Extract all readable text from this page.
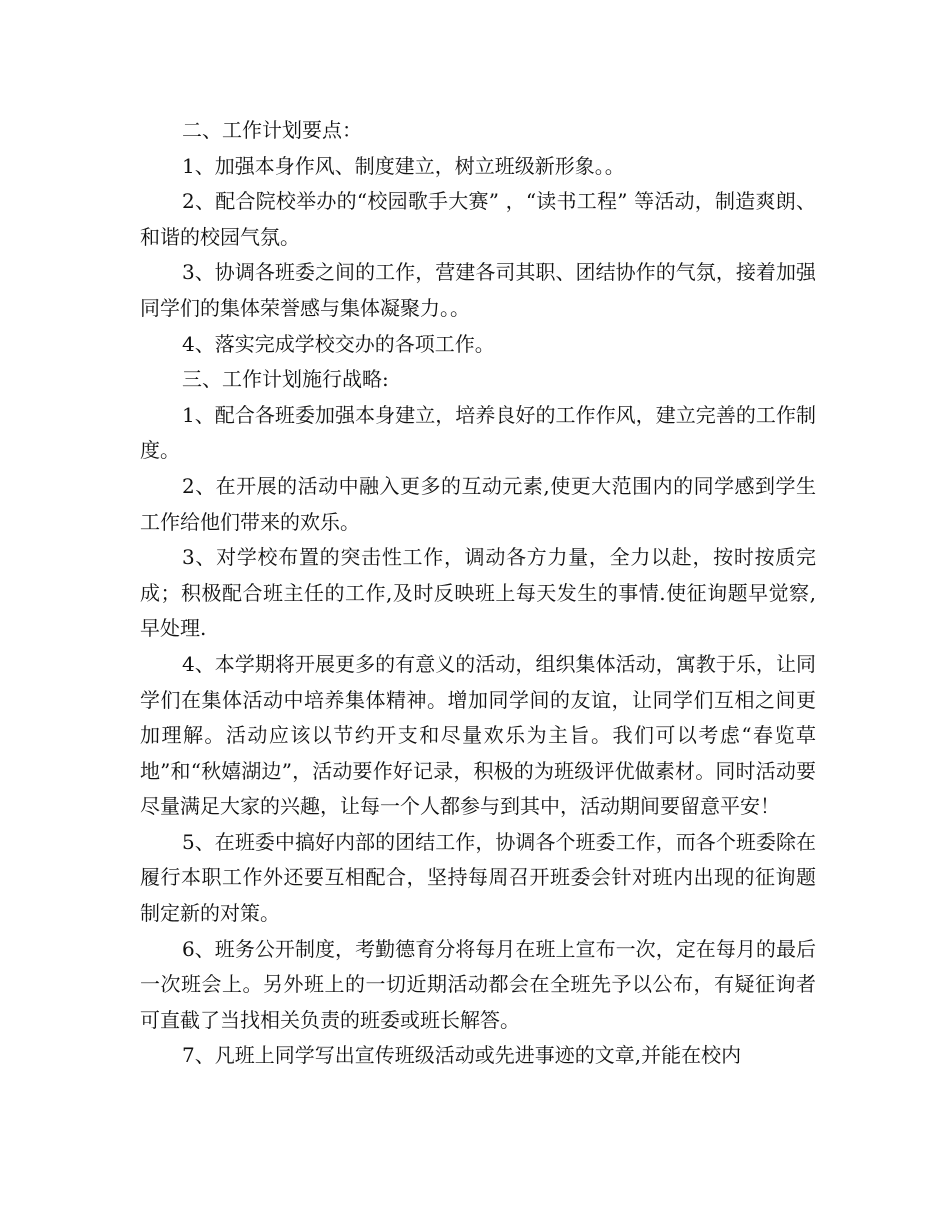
二、工作计划要点：

1、加强本身作风、制度建立，树立班级新形象。。

2、配合院校举办的“校园歌手大赛” ，“读书工程” 等活动，制造爽朗、和谐的校园气氛。

3、协调各班委之间的工作，营建各司其职、团结协作的气氛，接着加强同学们的集体荣誉感与集体凝聚力。。

4、落实完成学校交办的各项工作。

三、工作计划施行战略:

1、配合各班委加强本身建立，培养良好的工作作风，建立完善的工作制度。

2、在开展的活动中融入更多的互动元素,使更大范围内的同学感到学生工作给他们带来的欢乐。

3、对学校布置的突击性工作，调动各方力量，全力以赴，按时按质完成；积极配合班主任的工作,及时反映班上每天发生的事情.使征询题早觉察,早处理.

4、本学期将开展更多的有意义的活动，组织集体活动，寓教于乐，让同学们在集体活动中培养集体精神。增加同学间的友谊，让同学们互相之间更加理解。活动应该以节约开支和尽量欢乐为主旨。我们可以考虑“春览草地”和“秋嬉湖边”，活动要作好记录，积极的为班级评优做素材。同时活动要尽量满足大家的兴趣，让每一个人都参与到其中，活动期间要留意平安！

5、在班委中搞好内部的团结工作，协调各个班委工作，而各个班委除在履行本职工作外还要互相配合，坚持每周召开班委会针对班内出现的征询题制定新的对策。

6、班务公开制度，考勤德育分将每月在班上宣布一次，定在每月的最后一次班会上。另外班上的一切近期活动都会在全班先予以公布，有疑征询者可直截了当找相关负责的班委或班长解答。

7、凡班上同学写出宣传班级活动或先进事迹的文章,并能在校内
